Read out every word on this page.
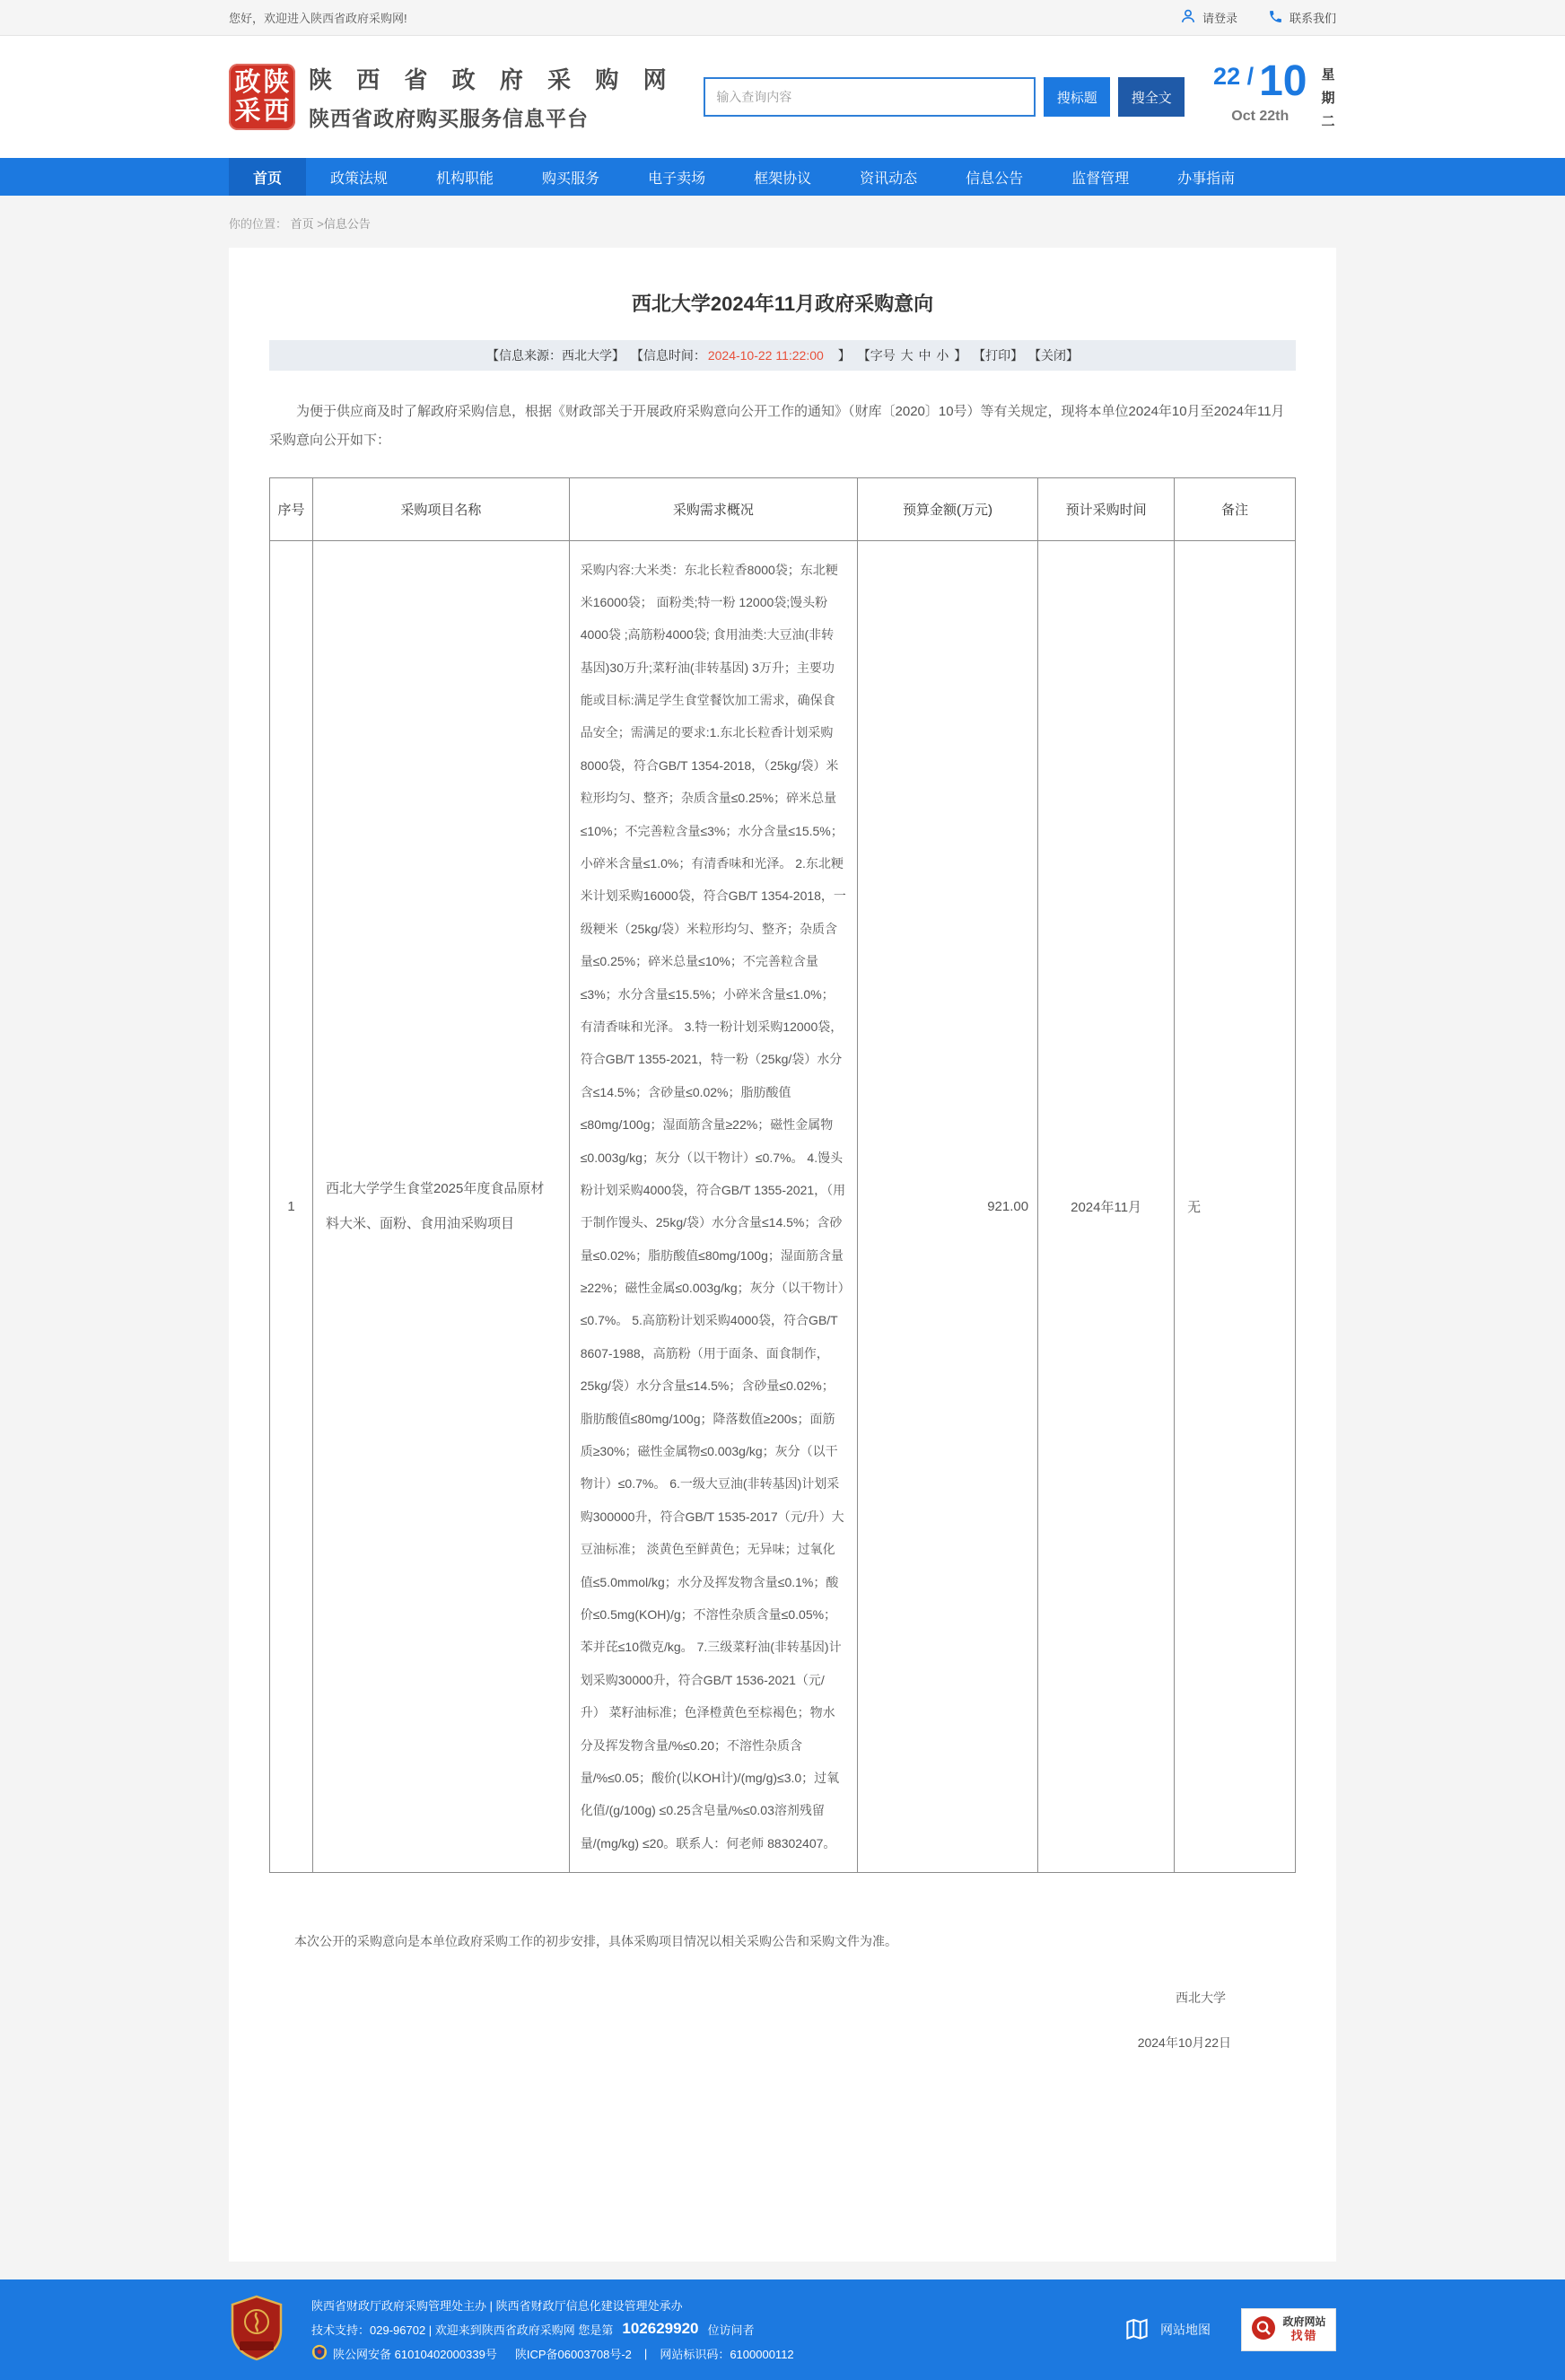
您好，欢迎进入陕西省政府采购网!	请登录	联系我们
政 陕
采 西
陕 西 省 政 府 采 购 网
陕西省政府购买服务信息平台
输入查询内容
搜标题	搜全文
22 / 10
Oct 22th
星期二
首页	政策法规	机构职能	购买服务	电子卖场	框架协议	资讯动态	信息公告	监督管理	办事指南
你的位置： 首页 >信息公告
西北大学2024年11月政府采购意向
【信息来源：西北大学】 【信息时间： 2024-10-22 11:22:00　】 【字号 大 中 小 】 【打印】 【关闭】
为便于供应商及时了解政府采购信息，根据《财政部关于开展政府采购意向公开工作的通知》（财库〔2020〕10号）等有关规定，现将本单位2024年10月至2024年11月采购意向公开如下：
序号	采购项目名称	采购需求概况	预算金额(万元)	预计采购时间	备注
1	西北大学学生食堂2025年度食品原材料大米、面粉、食用油采购项目	采购内容:大米类：东北长粒香8000袋；东北粳米16000袋； 面粉类;特一粉 12000袋;馒头粉4000袋 ;高筋粉4000袋; 食用油类:大豆油(非转基因)30万升;菜籽油(非转基因) 3万升；主要功能或目标:满足学生食堂餐饮加工需求，确保食品安全；需满足的要求:1.东北长粒香计划采购8000袋，符合GB/T 1354-2018，（25kg/袋）米粒形均匀、整齐；杂质含量≤0.25%；碎米总量≤10%；不完善粒含量≤3%；水分含量≤15.5%；小碎米含量≤1.0%；有清香味和光泽。 2.东北粳米计划采购16000袋，符合GB/T 1354-2018，一级粳米（25kg/袋）米粒形均匀、整齐；杂质含量≤0.25%；碎米总量≤10%；不完善粒含量≤3%；水分含量≤15.5%；小碎米含量≤1.0%；有清香味和光泽。 3.特一粉计划采购12000袋，符合GB/T 1355-2021，特一粉（25kg/袋）水分含≤14.5%；含砂量≤0.02%；脂肪酸值≤80mg/100g；湿面筋含量≥22%；磁性金属物≤0.003g/kg；灰分（以干物计）≤0.7%。 4.馒头粉计划采购4000袋，符合GB/T 1355-2021，（用于制作馒头、25kg/袋）水分含量≤14.5%；含砂量≤0.02%；脂肪酸值≤80mg/100g；湿面筋含量≥22%；磁性金属≤0.003g/kg；灰分（以干物计）≤0.7%。 5.高筋粉计划采购4000袋，符合GB/T 8607-1988，高筋粉（用于面条、面食制作，25kg/袋）水分含量≤14.5%；含砂量≤0.02%；脂肪酸值≤80mg/100g；降落数值≥200s；面筋质≥30%；磁性金属物≤0.003g/kg；灰分（以干物计）≤0.7%。 6.一级大豆油(非转基因)计划采购300000升，符合GB/T 1535-2017（元/升）大豆油标准； 淡黄色至鲜黄色；无异味；过氧化值≤5.0mmol/kg；水分及挥发物含量≤0.1%；酸价≤0.5mg(KOH)/g；不溶性杂质含量≤0.05%；苯并芘≤10微克/kg。 7.三级菜籽油(非转基因)计划采购30000升，符合GB/T 1536-2021（元/升） 菜籽油标准；色泽橙黄色至棕褐色；物水分及挥发物含量/%≤0.20；不溶性杂质含量/%≤0.05；酸价(以KOH计)/(mg/g)≤3.0；过氧化值/(g/100g) ≤0.25含皂量/%≤0.03溶剂残留量/(mg/kg) ≤20。联系人：何老师 88302407。	921.00	2024年11月	无
本次公开的采购意向是本单位政府采购工作的初步安排，具体采购项目情况以相关采购公告和采购文件为准。
西北大学
2024年10月22日
陕西省财政厅政府采购管理处主办 | 陕西省财政厅信息化建设管理处承办
技术支持：029-96702 | 欢迎来到陕西省政府采购网 您是第 102629920 位访问者
陕公网安备 61010402000339号 陕ICP备06003708号-2 | 网站标识码：6100000112
网站地图
政府网站
找错
